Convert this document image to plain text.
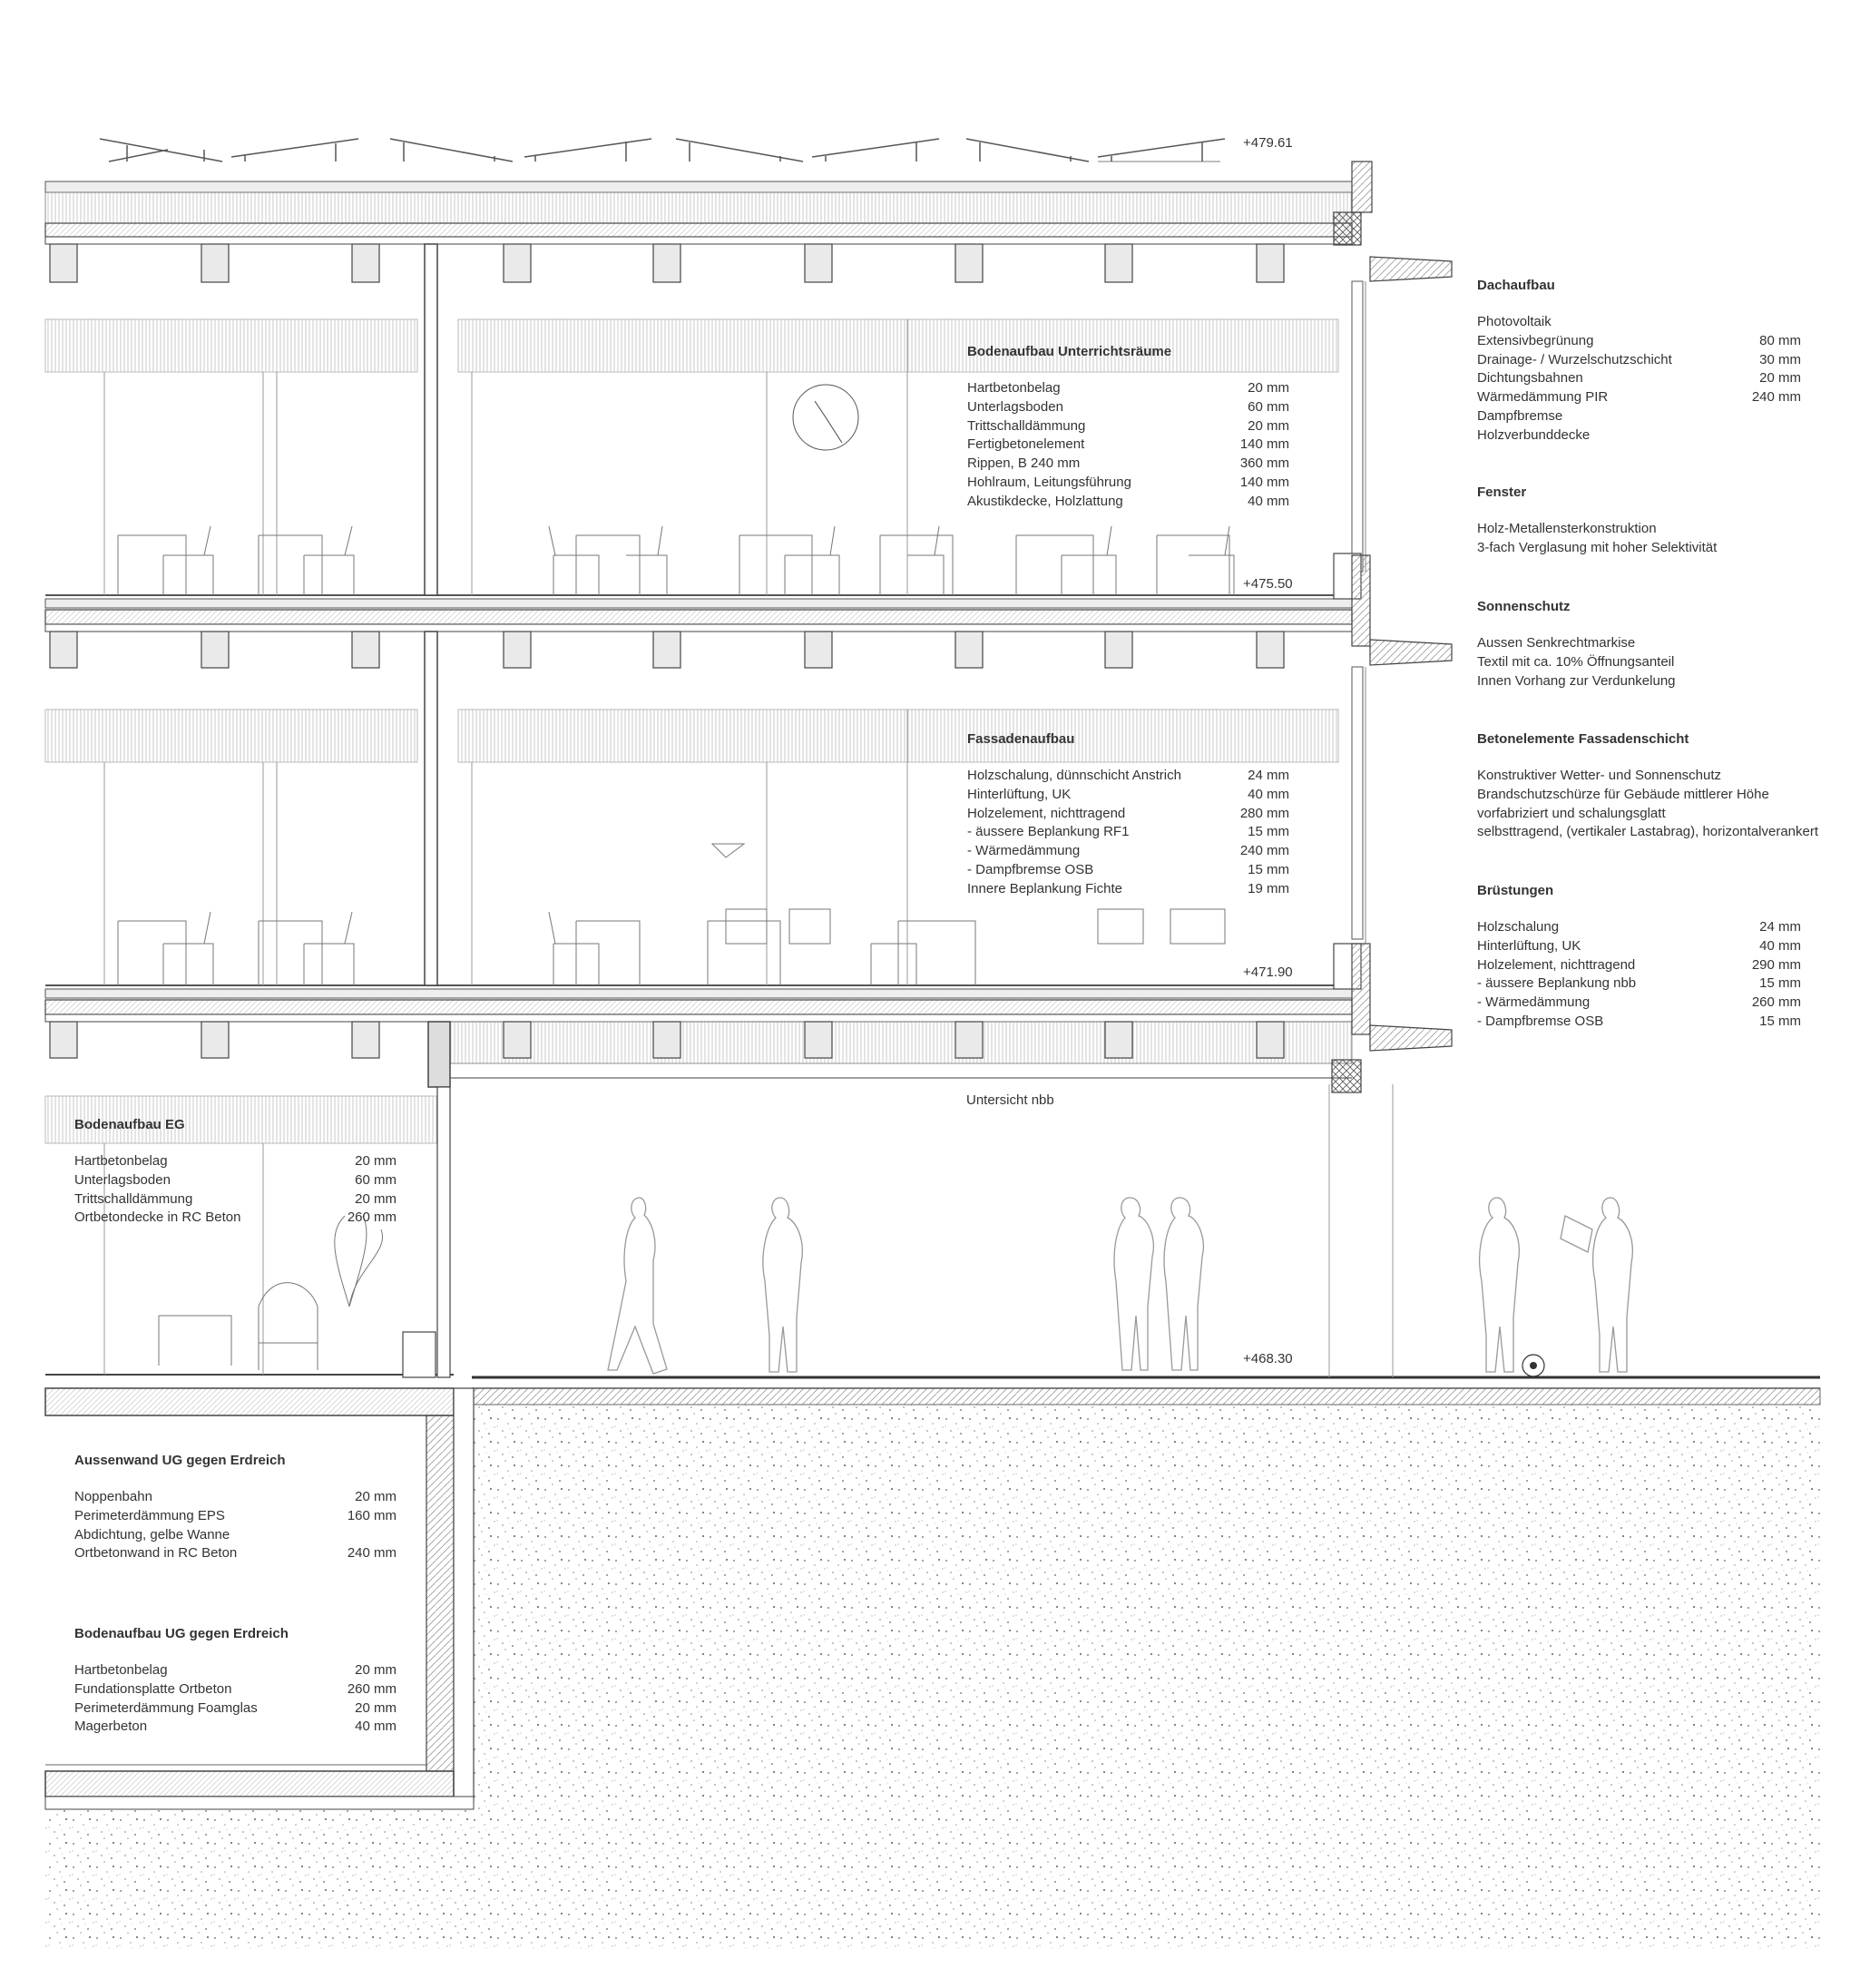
+479.61
+475.50
+471.90
+468.30
Untersicht nbb
Bodenaufbau Unterrichtsräume
Hartbetonbelag	20 mm
Unterlagsboden	60 mm
Trittschalldämmung	20 mm
Fertigbetonelement	140 mm
Rippen, B 240 mm	360 mm
Hohlraum, Leitungsführung	140 mm
Akustikdecke, Holzlattung	40 mm
Fassadenaufbau
Holzschalung, dünnschicht Anstrich	24 mm
Hinterlüftung, UK	40 mm
Holzelement, nichttragend	280 mm
- äussere Beplankung RF1	15 mm
- Wärmedämmung	240 mm
- Dampfbremse OSB	15 mm
Innere Beplankung Fichte	19 mm
Bodenaufbau EG
Hartbetonbelag	20 mm
Unterlagsboden	60 mm
Trittschalldämmung	20 mm
Ortbetondecke in RC Beton	260 mm
Aussenwand UG gegen Erdreich
Noppenbahn	20 mm
Perimeterdämmung EPS	160 mm
Abdichtung, gelbe Wanne
Ortbetonwand in RC Beton	240 mm
Bodenaufbau UG gegen Erdreich
Hartbetonbelag	20 mm
Fundationsplatte Ortbeton	260 mm
Perimeterdämmung Foamglas	20 mm
Magerbeton	40 mm
Dachaufbau
Photovoltaik
Extensivbegrünung	80 mm
Drainage- / Wurzelschutzschicht	30 mm
Dichtungsbahnen	20 mm
Wärmedämmung PIR	240 mm
Dampfbremse
Holzverbunddecke
Fenster
Holz-Metallensterkonstruktion
3-fach Verglasung mit hoher Selektivität
Sonnenschutz
Aussen Senkrechtmarkise
Textil mit ca. 10% Öffnungsanteil
Innen Vorhang zur Verdunkelung
Betonelemente Fassadenschicht
Konstruktiver Wetter- und Sonnenschutz
Brandschutzschürze für Gebäude mittlerer Höhe
vorfabriziert und schalungsglatt
selbsttragend, (vertikaler Lastabrag), horizontalverankert
Brüstungen
Holzschalung	24 mm
Hinterlüftung, UK	40 mm
Holzelement, nichttragend	290 mm
- äussere Beplankung nbb	15 mm
- Wärmedämmung	260 mm
- Dampfbremse OSB	15 mm
